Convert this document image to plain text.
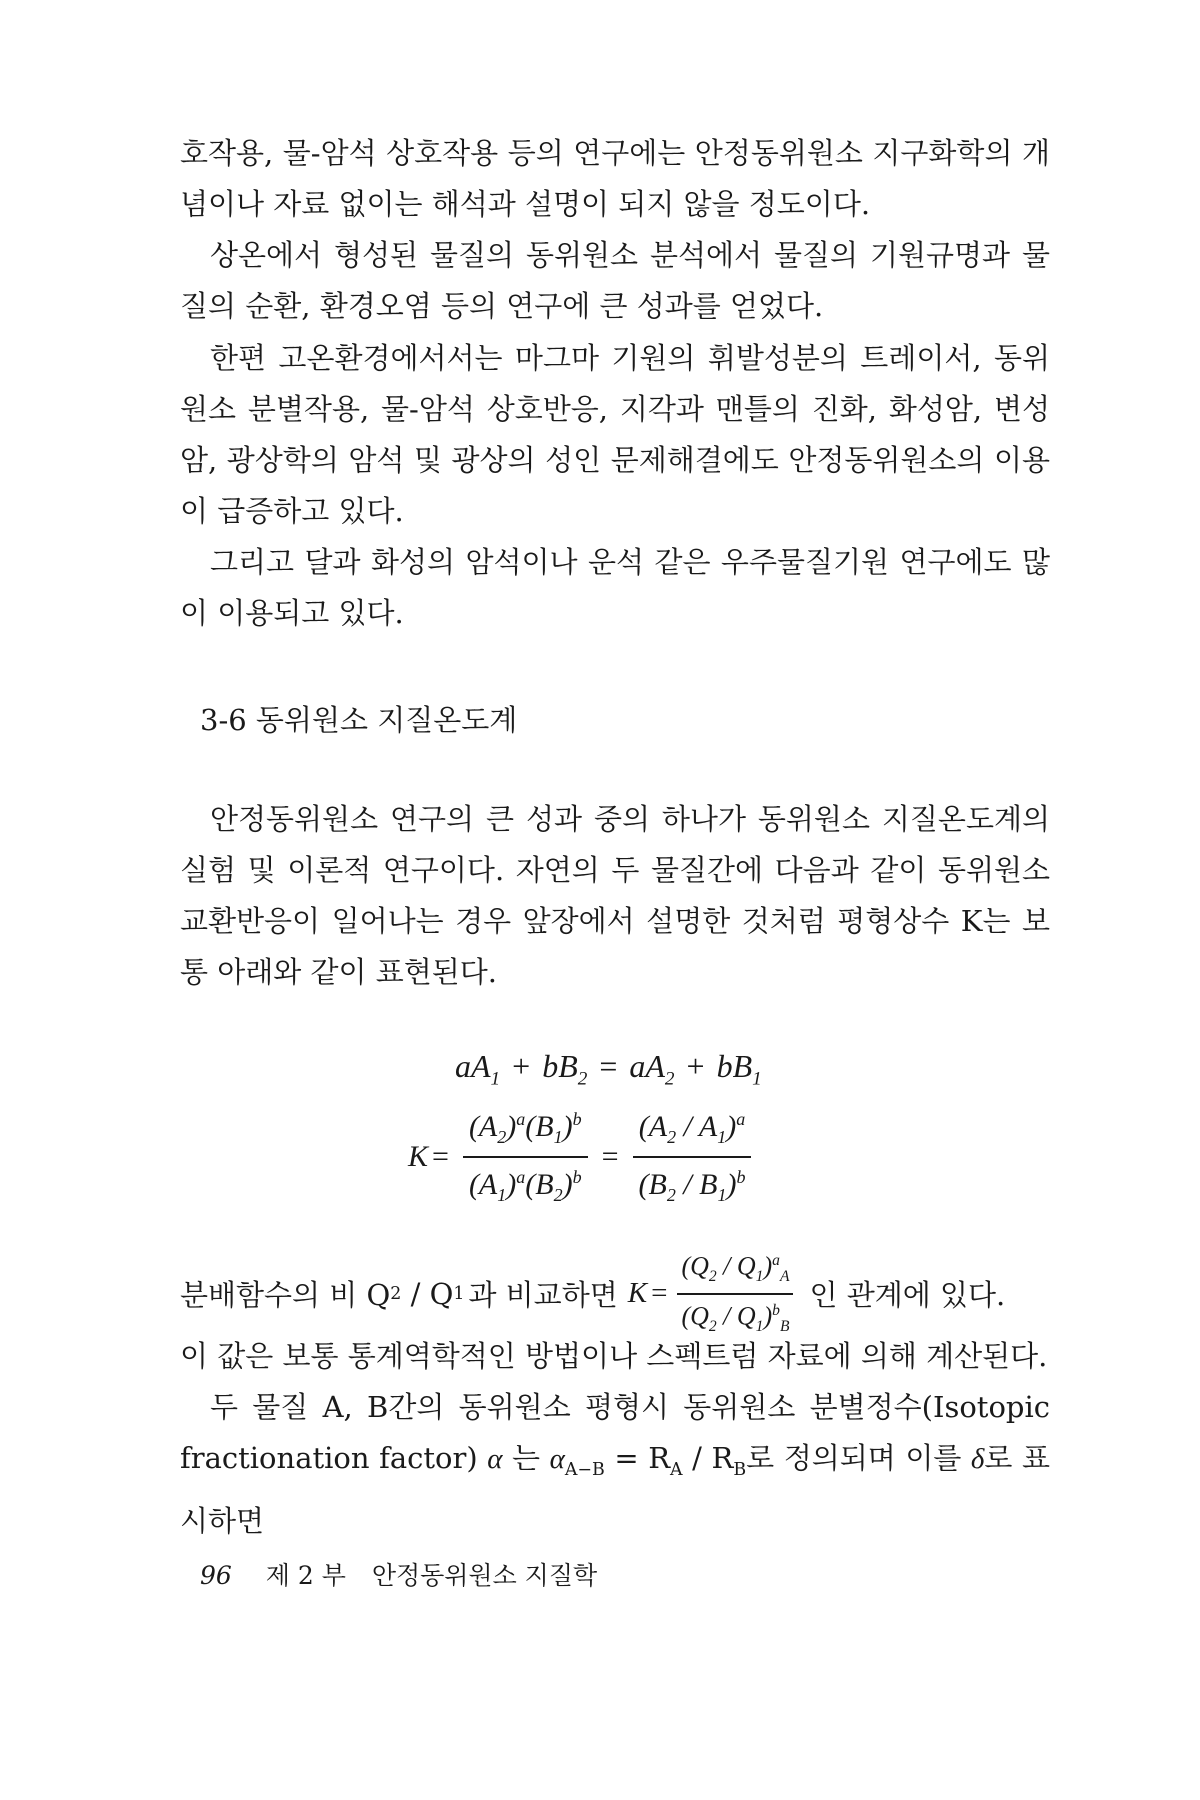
호작용, 물-암석 상호작용 등의 연구에는 안정동위원소 지구화학의 개념이나 자료 없이는 해석과 설명이 되지 않을 정도이다.

상온에서 형성된 물질의 동위원소 분석에서 물질의 기원규명과 물질의 순환, 환경오염 등의 연구에 큰 성과를 얻었다.

한편 고온환경에서서는 마그마 기원의 휘발성분의 트레이서, 동위원소 분별작용, 물-암석 상호반응, 지각과 맨틀의 진화, 화성암, 변성암, 광상학의 암석 및 광상의 성인 문제해결에도 안정동위원소의 이용이 급증하고 있다.

그리고 달과 화성의 암석이나 운석 같은 우주물질기원 연구에도 많이 이용되고 있다.

3-6 동위원소 지질온도계

안정동위원소 연구의 큰 성과 중의 하나가 동위원소 지질온도계의 실험 및 이론적 연구이다. 자연의 두 물질간에 다음과 같이 동위원소 교환반응이 일어나는 경우 앞장에서 설명한 것처럼 평형상수 K는 보통 아래와 같이 표현된다.

$aA_1 + bB_2 = aA_2 + bB_1$
$K = \frac{(A_2)^a(B_1)^b}{(A_1)^a(B_2)^b} = \frac{(A_2 / A_1)^a}{(B_2 / B_1)^b}$
분배함수의 비 Q 2 / Q 1 과 비교하면 $K = \frac{(Q_2 / Q_1)^a_A}{(Q_2 / Q_1)^b_B}$ 인 관계에 있다.

이 값은 보통 통계역학적인 방법이나 스펙트럼 자료에 의해 계산된다.

두 물질 A, B간의 동위원소 평형시 동위원소 분별정수(Isotopic fractionation factor) α 는 $\alpha_{A-B} = R_A / R_B$로 정의되며 이를 δ로 표시하면

96 제 2 부 안정동위원소 지질학
